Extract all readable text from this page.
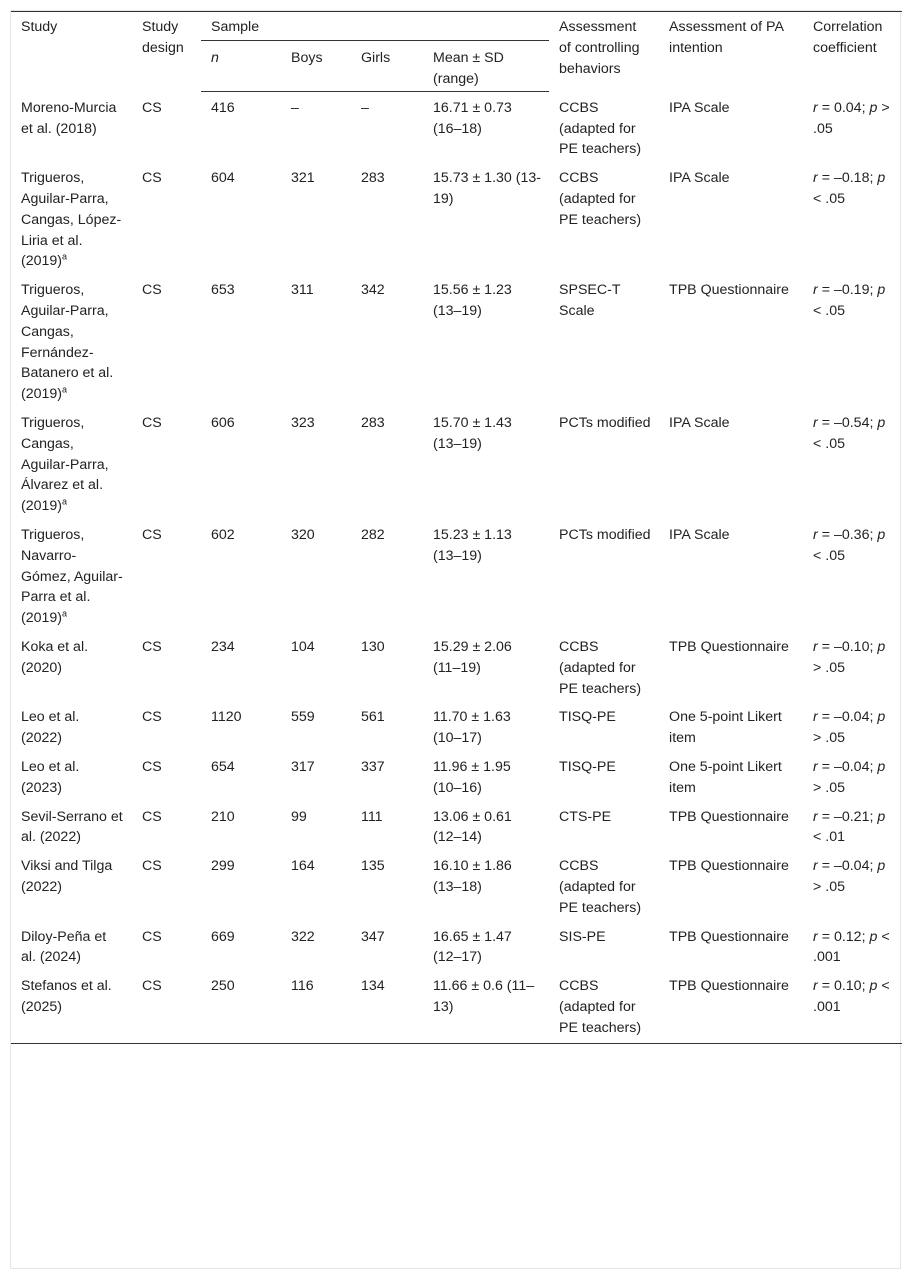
Study	Study design	Sample				Assessment of controlling behaviors	Assessment of PA intention	Correlation coefficient
		n	Boys	Girls	Mean ± SD (range)			
Moreno-Murcia et al. (2018)	CS	416	–	–	16.71 ± 0.73 (16–18)	CCBS (adapted for PE teachers)	IPA Scale	r = 0.04; p > .05
Trigueros, Aguilar-Parra, Cangas, López-Liria et al. $(2019)^a$	CS	604	321	283	15.73 ± 1.30 (13-19)	CCBS (adapted for PE teachers)	IPA Scale	r = –0.18; p < .05
Trigueros, Aguilar-Parra, Cangas, Fernández-Batanero et al. $(2019)^a$	CS	653	311	342	15.56 ± 1.23 (13–19)	SPSEC-T Scale	TPB Questionnaire	r = –0.19; p < .05
Trigueros, Cangas, Aguilar-Parra, Álvarez et al. $(2019)^a$	CS	606	323	283	15.70 ± 1.43 (13–19)	PCTs modified	IPA Scale	r = –0.54; p < .05
Trigueros, Navarro-Gómez, Aguilar-Parra et al. $(2019)^a$	CS	602	320	282	15.23 ± 1.13 (13–19)	PCTs modified	IPA Scale	r = –0.36; p < .05
Koka et al. (2020)	CS	234	104	130	15.29 ± 2.06 (11–19)	CCBS (adapted for PE teachers)	TPB Questionnaire	r = –0.10; p > .05
Leo et al. (2022)	CS	1120	559	561	11.70 ± 1.63 (10–17)	TISQ-PE	One 5-point Likert item	r = –0.04; p > .05
Leo et al. (2023)	CS	654	317	337	11.96 ± 1.95 (10–16)	TISQ-PE	One 5-point Likert item	r = –0.04; p > .05
Sevil-Serrano et al. (2022)	CS	210	99	111	13.06 ± 0.61 (12–14)	CTS-PE	TPB Questionnaire	r = –0.21; p < .01
Viksi and Tilga (2022)	CS	299	164	135	16.10 ± 1.86 (13–18)	CCBS (adapted for PE teachers)	TPB Questionnaire	r = –0.04; p > .05
Diloy-Peña et al. (2024)	CS	669	322	347	16.65 ± 1.47 (12–17)	SIS-PE	TPB Questionnaire	r = 0.12; p < .001
Stefanos et al. (2025)	CS	250	116	134	11.66 ± 0.6 (11–13)	CCBS (adapted for PE teachers)	TPB Questionnaire	r = 0.10; p < .001
